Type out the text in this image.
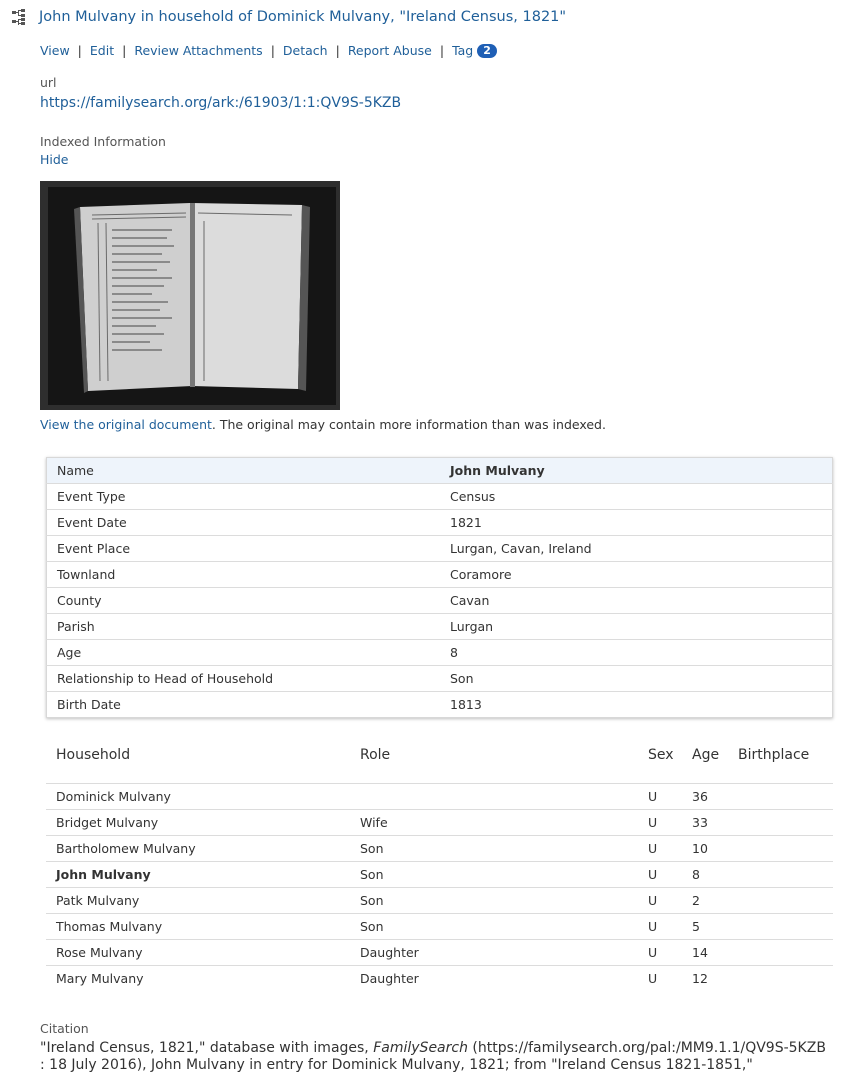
John Mulvany in household of Dominick Mulvany, "Ireland Census, 1821"
View | Edit | Review Attachments | Detach | Report Abuse | Tag 2
url
https://familysearch.org/ark:/61903/1:1:QV9S-5KZB
Indexed Information
Hide
View the original document. The original may contain more information than was indexed.
Name	John Mulvany
Event Type	Census
Event Date	1821
Event Place	Lurgan, Cavan, Ireland
Townland	Coramore
County	Cavan
Parish	Lurgan
Age	8
Relationship to Head of Household	Son
Birth Date	1813
Household	Role	Sex	Age	Birthplace
Dominick Mulvany		U	36	
Bridget Mulvany	Wife	U	33	
Bartholomew Mulvany	Son	U	10	
John Mulvany	Son	U	8	
Patk Mulvany	Son	U	2	
Thomas Mulvany	Son	U	5	
Rose Mulvany	Daughter	U	14	
Mary Mulvany	Daughter	U	12	
Citation
"Ireland Census, 1821," database with images, FamilySearch (https://familysearch.org/pal:/MM9.1.1/QV9S-5KZB : 18 July 2016), John Mulvany in entry for Dominick Mulvany, 1821; from "Ireland Census 1821-1851,"
